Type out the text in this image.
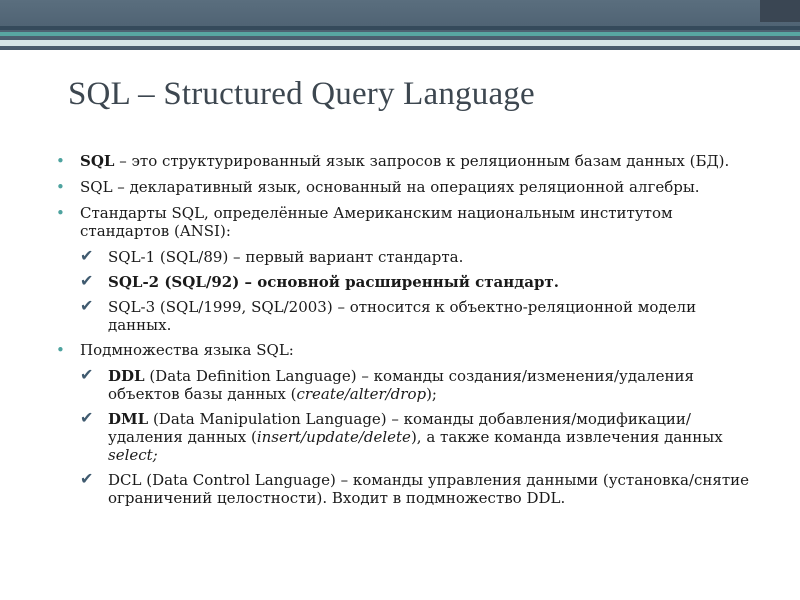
SQL – Structured Query Language
•	SQL – это структурированный язык запросов к реляционным базам данных (БД).
•	SQL – декларативный язык, основанный на операциях реляционной алгебры.
•	Стандарты SQL, определённые Американским национальным институтом стандартов (ANSI):
✔ SQL-1 (SQL/89) – первый вариант стандарта.
✔ SQL-2 (SQL/92) – основной расширенный стандарт.
✔ SQL-3 (SQL/1999, SQL/2003) – относится к объектно-реляционной модели данных.
•	Подмножества языка SQL:
✔ DDL (Data Definition Language) – команды создания/изменения/удаления объектов базы данных (create/alter/drop);
✔ DML (Data Manipulation Language) – команды добавления/модификации/удаления данных (insert/update/delete), а также команда извлечения данных select;
✔ DCL (Data Control Language) – команды управления данными (установка/снятие ограничений целостности). Входит в подмножество DDL.
